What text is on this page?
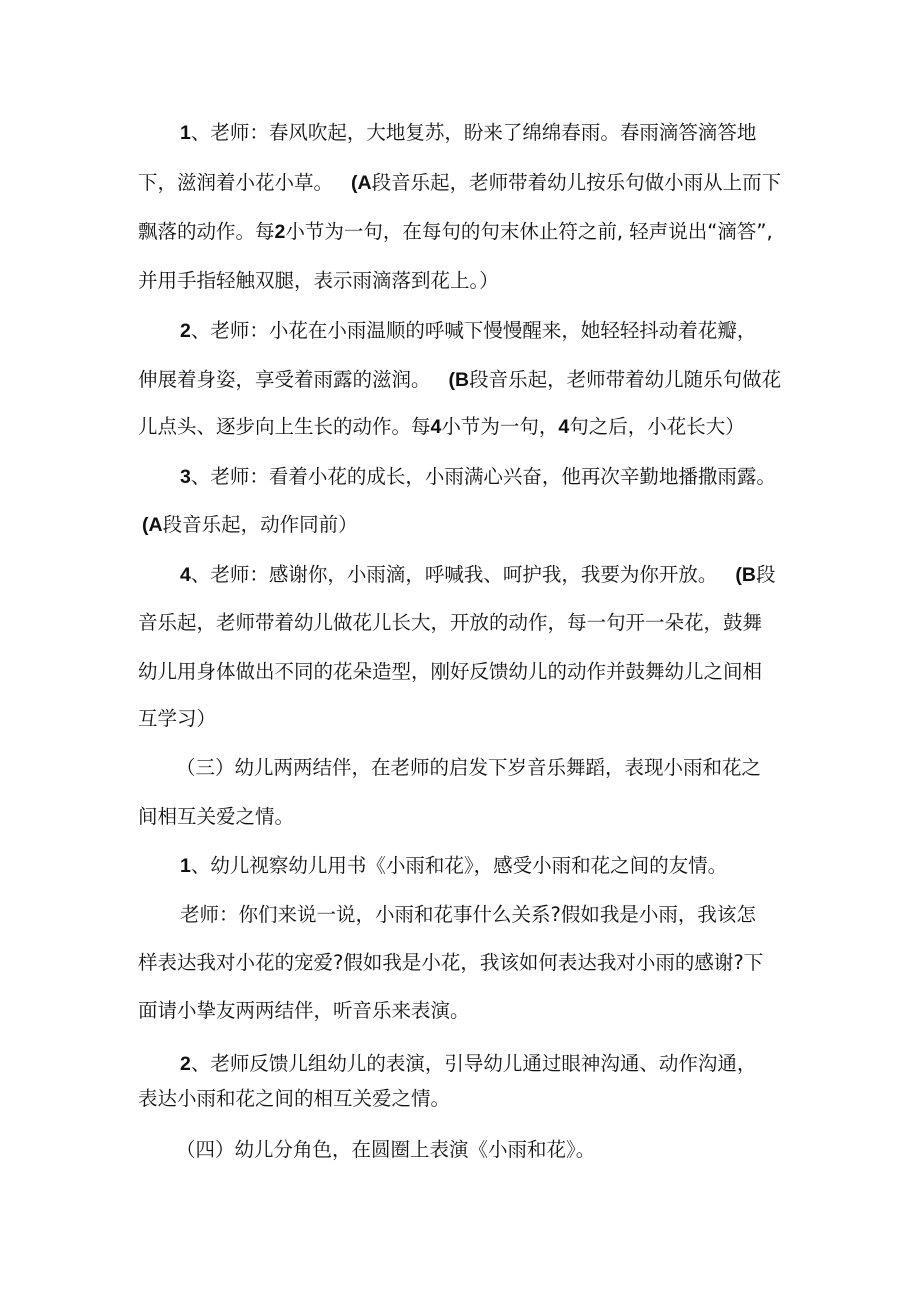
1、老师：春风吹起，大地复苏，盼来了绵绵春雨。春雨滴答滴答地
下，滋润着小花小草。 (A段音乐起，老师带着幼儿按乐句做小雨从上而下
飘落的动作。每2小节为一句，在每句的句末休止符之前, 轻声说出“滴答”,
并用手指轻触双腿，表示雨滴落到花上。）
2、老师：小花在小雨温顺的呼喊下慢慢醒来，她轻轻抖动着花瓣，
伸展着身姿，享受着雨露的滋润。 (B段音乐起，老师带着幼儿随乐句做花
儿点头、逐步向上生长的动作。每4小节为一句，4句之后，小花长大）
3、老师：看着小花的成长，小雨满心兴奋，他再次辛勤地播撒雨露。
(A段音乐起，动作同前）
4、老师：感谢你，小雨滴，呼喊我、呵护我，我要为你开放。 (B段
音乐起，老师带着幼儿做花儿长大，开放的动作，每一句开一朵花，鼓舞
幼儿用身体做出不同的花朵造型，刚好反馈幼儿的动作并鼓舞幼儿之间相
互学习）
（三）幼儿两两结伴，在老师的启发下岁音乐舞蹈，表现小雨和花之
间相互关爱之情。
1、幼儿视察幼儿用书《小雨和花》，感受小雨和花之间的友情。
老师：你们来说一说，小雨和花事什么关系?假如我是小雨，我该怎
样表达我对小花的宠爱?假如我是小花，我该如何表达我对小雨的感谢?下
面请小挚友两两结伴，听音乐来表演。
2、老师反馈儿组幼儿的表演，引导幼儿通过眼神沟通、动作沟通，
表达小雨和花之间的相互关爱之情。
（四）幼儿分角色，在圆圈上表演《小雨和花》。
